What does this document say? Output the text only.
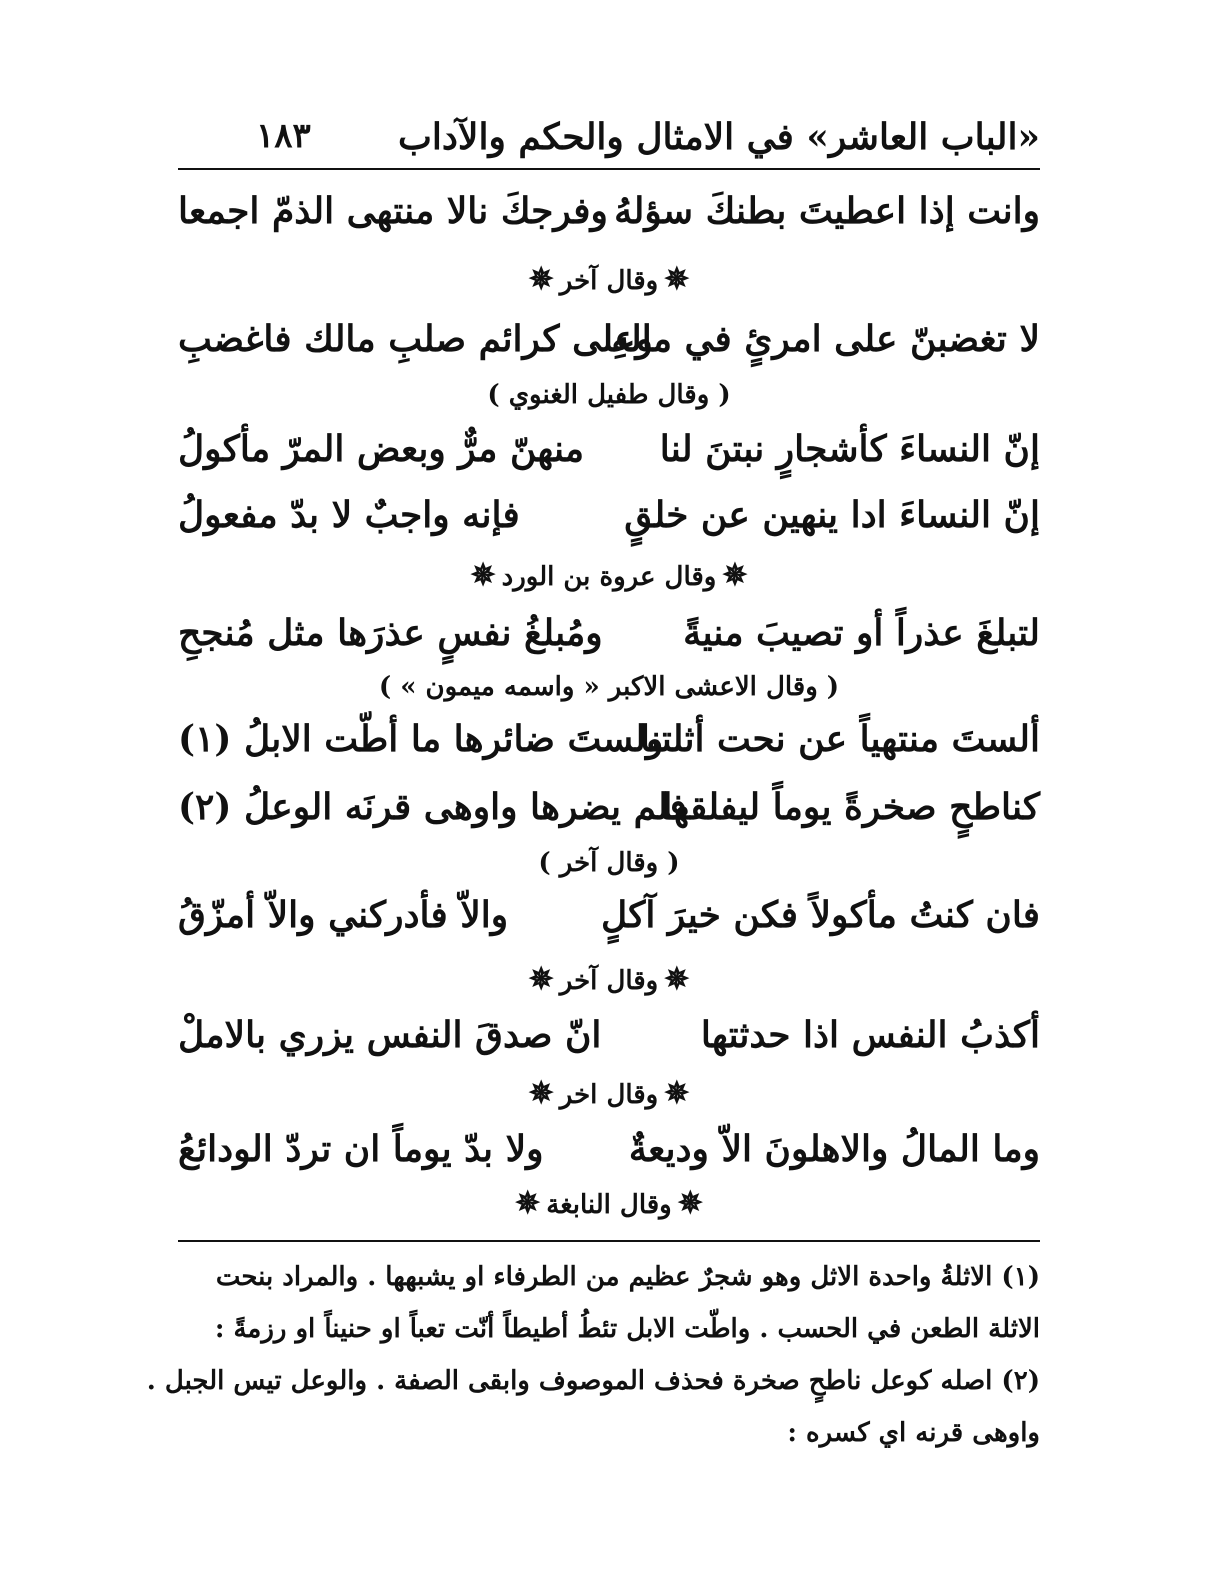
«الباب العاشر» في الامثال والحكم والآداب
١٨٣
وانت إذا اعطيتَ بطنكَ سؤلهُ
وفرجكَ نالا منتهى الذمّ اجمعا
✵وقال آخر✵
لا تغضبنّ على امرئٍ في مالهِ
وعلى كرائم صلبِ مالك فاغضبِ
( وقال طفيل الغنوي )
إنّ النساءَ كأشجارٍ نبتنَ لنا
منهنّ مرٌّ وبعض المرّ مأكولُ
إنّ النساءَ ادا ينهين عن خلقٍ
فإنه واجبٌ لا بدّ مفعولُ
✵وقال عروة بن الورد✵
لتبلغَ عذراً أو تصيبَ منيةً
ومُبلغُ نفسٍ عذرَها مثل مُنجحِ
( وقال الاعشى الاكبر « واسمه ميمون » )
ألستَ منتهياً عن نحت أثلتنا
ولستَ ضائرها ما أطّت الابلُ (١)
كناطحٍ صخرةً يوماً ليفلقها
فلم يضرها واوهى قرنَه الوعلُ (٢)
( وقال آخر )
فان كنتُ مأكولاً فكن خيرَ آكلٍ
والاّ فأدركني والاّ أمزّقُ
✵وقال آخر✵
أكذبُ النفس اذا حدثتها
انّ صدقَ النفس يزري بالاملْ
✵وقال اخر✵
وما المالُ والاهلونَ الاّ وديعةٌ
ولا بدّ يوماً ان تردّ الودائعُ
✵وقال النابغة✵
(١) الاثلةُ واحدة الاثل وهو شجرٌ عظيم من الطرفاء او يشبهها . والمراد بنحت
الاثلة الطعن في الحسب . واطّت الابل تئطُ أطيطاً أنّت تعباً او حنيناً او رزمةً :
(٢) اصله كوعل ناطحٍ صخرة فحذف الموصوف وابقى الصفة . والوعل تيس الجبل .
واوهى قرنه اي كسره :
